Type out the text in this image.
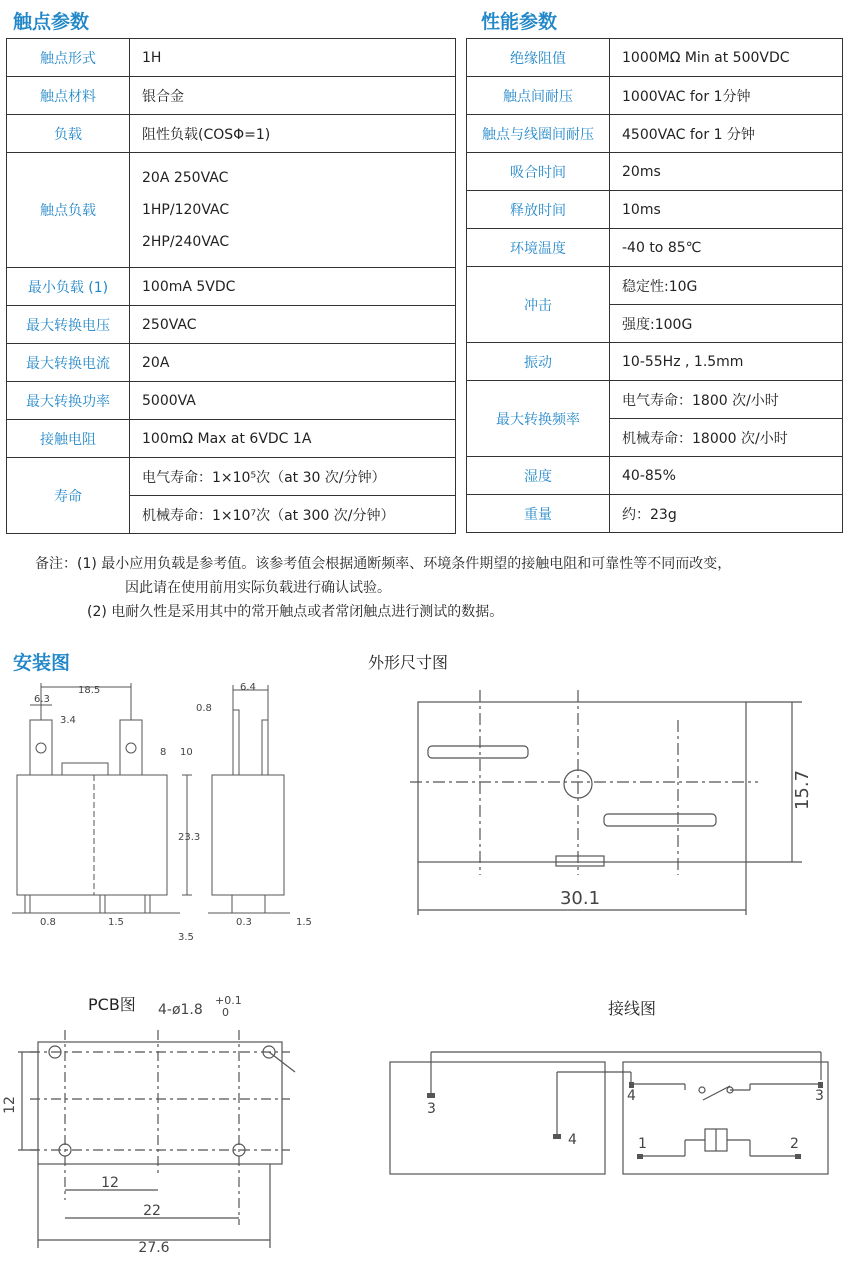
触点参数	性能参数
触点形式	1H
触点材料	银合金
负载	阻性负载(COSΦ=1)
触点负载	20A 250VAC
1HP/120VAC
2HP/240VAC

最小负载 (1)	100mA 5VDC
最大转换电压	250VAC
最大转换电流	20A
最大转换功率	5000VA
接触电阻	100mΩ Max at 6VDC 1A
寿命	电气寿命：1×10⁵次（at 30 次/分钟）
	机械寿命：1×10⁷次（at 300 次/分钟）
绝缘阻值	1000MΩ Min at 500VDC
触点间耐压	1000VAC for 1分钟
触点与线圈间耐压	4500VAC for 1 分钟
吸合时间	20ms
释放时间	10ms
环境温度	-40 to 85℃
冲击	稳定性:10G
	强度:100G
振动	10-55Hz , 1.5mm
最大转换频率	电气寿命：1800 次/小时
	机械寿命：18000 次/小时
湿度	40-85%
重量	约：23g
备注：(1) 最小应用负载是参考值。该参考值会根据通断频率、环境条件期望的接触电阻和可靠性等不同而改变，
因此请在使用前用实际负载进行确认试验。
(2) 电耐久性是采用其中的常开触点或者常闭触点进行测试的数据。
安装图
18.5
6.3
3.4
8 10
23.3
0.8	1.5
3.5
6.4
0.8
0.3	1.5
外形尺寸图
15.7
30.1
PCB图
12
4-ø1.8
+0.1
0
12
22
27.6
接线图
3
4
4	3
1	2
